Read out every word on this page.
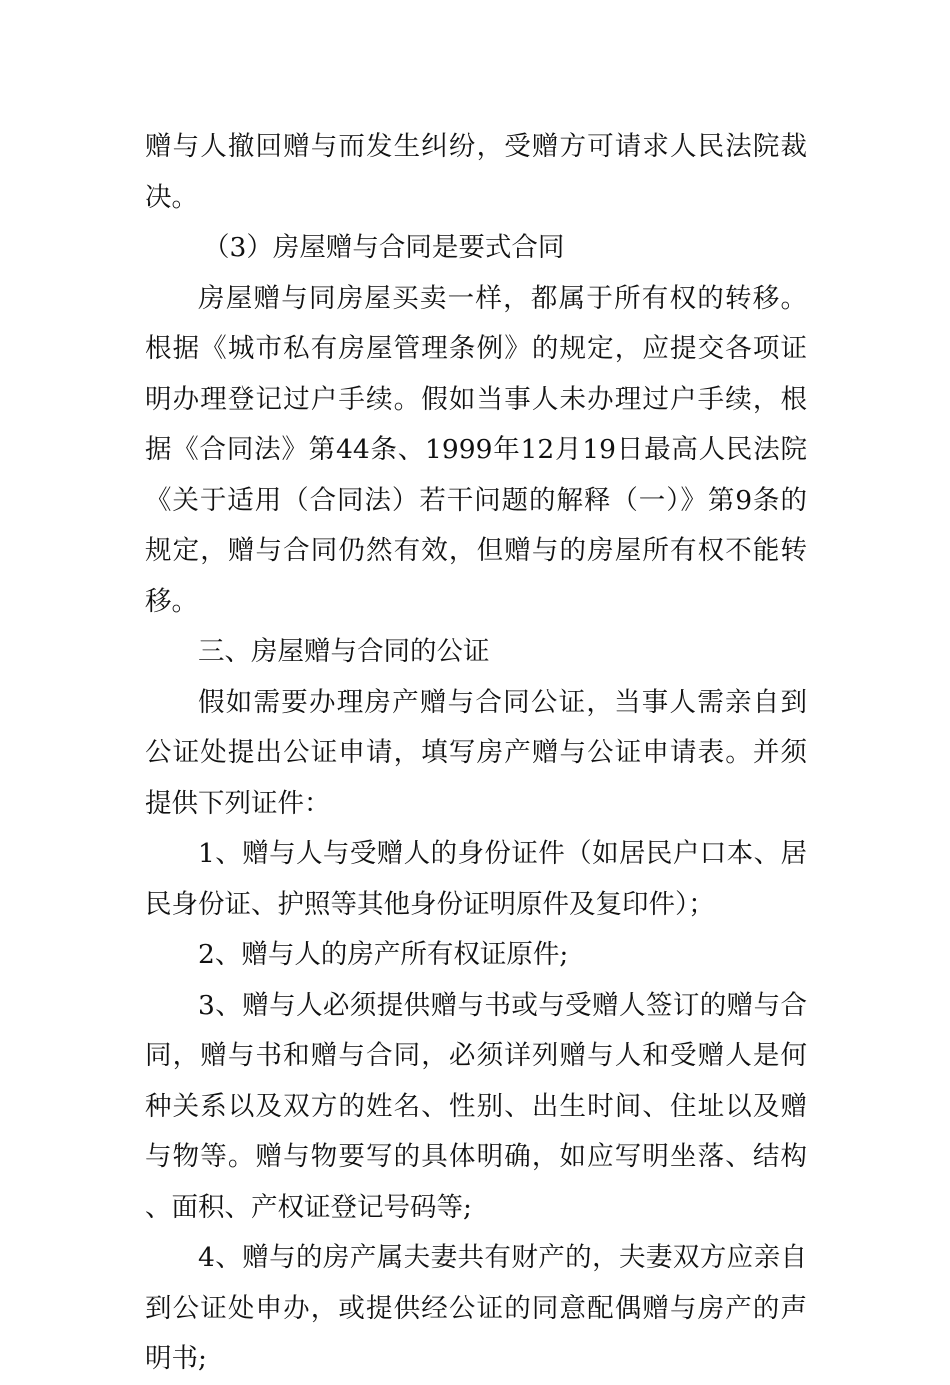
赠与人撤回赠与而发生纠纷，受赠方可请求人民法院裁决。

（3）房屋赠与合同是要式合同

房屋赠与同房屋买卖一样，都属于所有权的转移。根据《城市私有房屋管理条例》的规定，应提交各项证明办理登记过户手续。假如当事人未办理过户手续，根据《合同法》第44条、1999年12月19日最高人民法院《关于适用（合同法）若干问题的解释（一）》第9条的规定，赠与合同仍然有效，但赠与的房屋所有权不能转移。

三、房屋赠与合同的公证

假如需要办理房产赠与合同公证，当事人需亲自到公证处提出公证申请，填写房产赠与公证申请表。并须提供下列证件：

1、赠与人与受赠人的身份证件（如居民户口本、居民身份证、护照等其他身份证明原件及复印件）；

2、赠与人的房产所有权证原件;

3、赠与人必须提供赠与书或与受赠人签订的赠与合同，赠与书和赠与合同，必须详列赠与人和受赠人是何种关系以及双方的姓名、性别、出生时间、住址以及赠与物等。赠与物要写的具体明确，如应写明坐落、结构、面积、产权证登记号码等;

4、赠与的房产属夫妻共有财产的，夫妻双方应亲自到公证处申办，或提供经公证的同意配偶赠与房产的声明书;
